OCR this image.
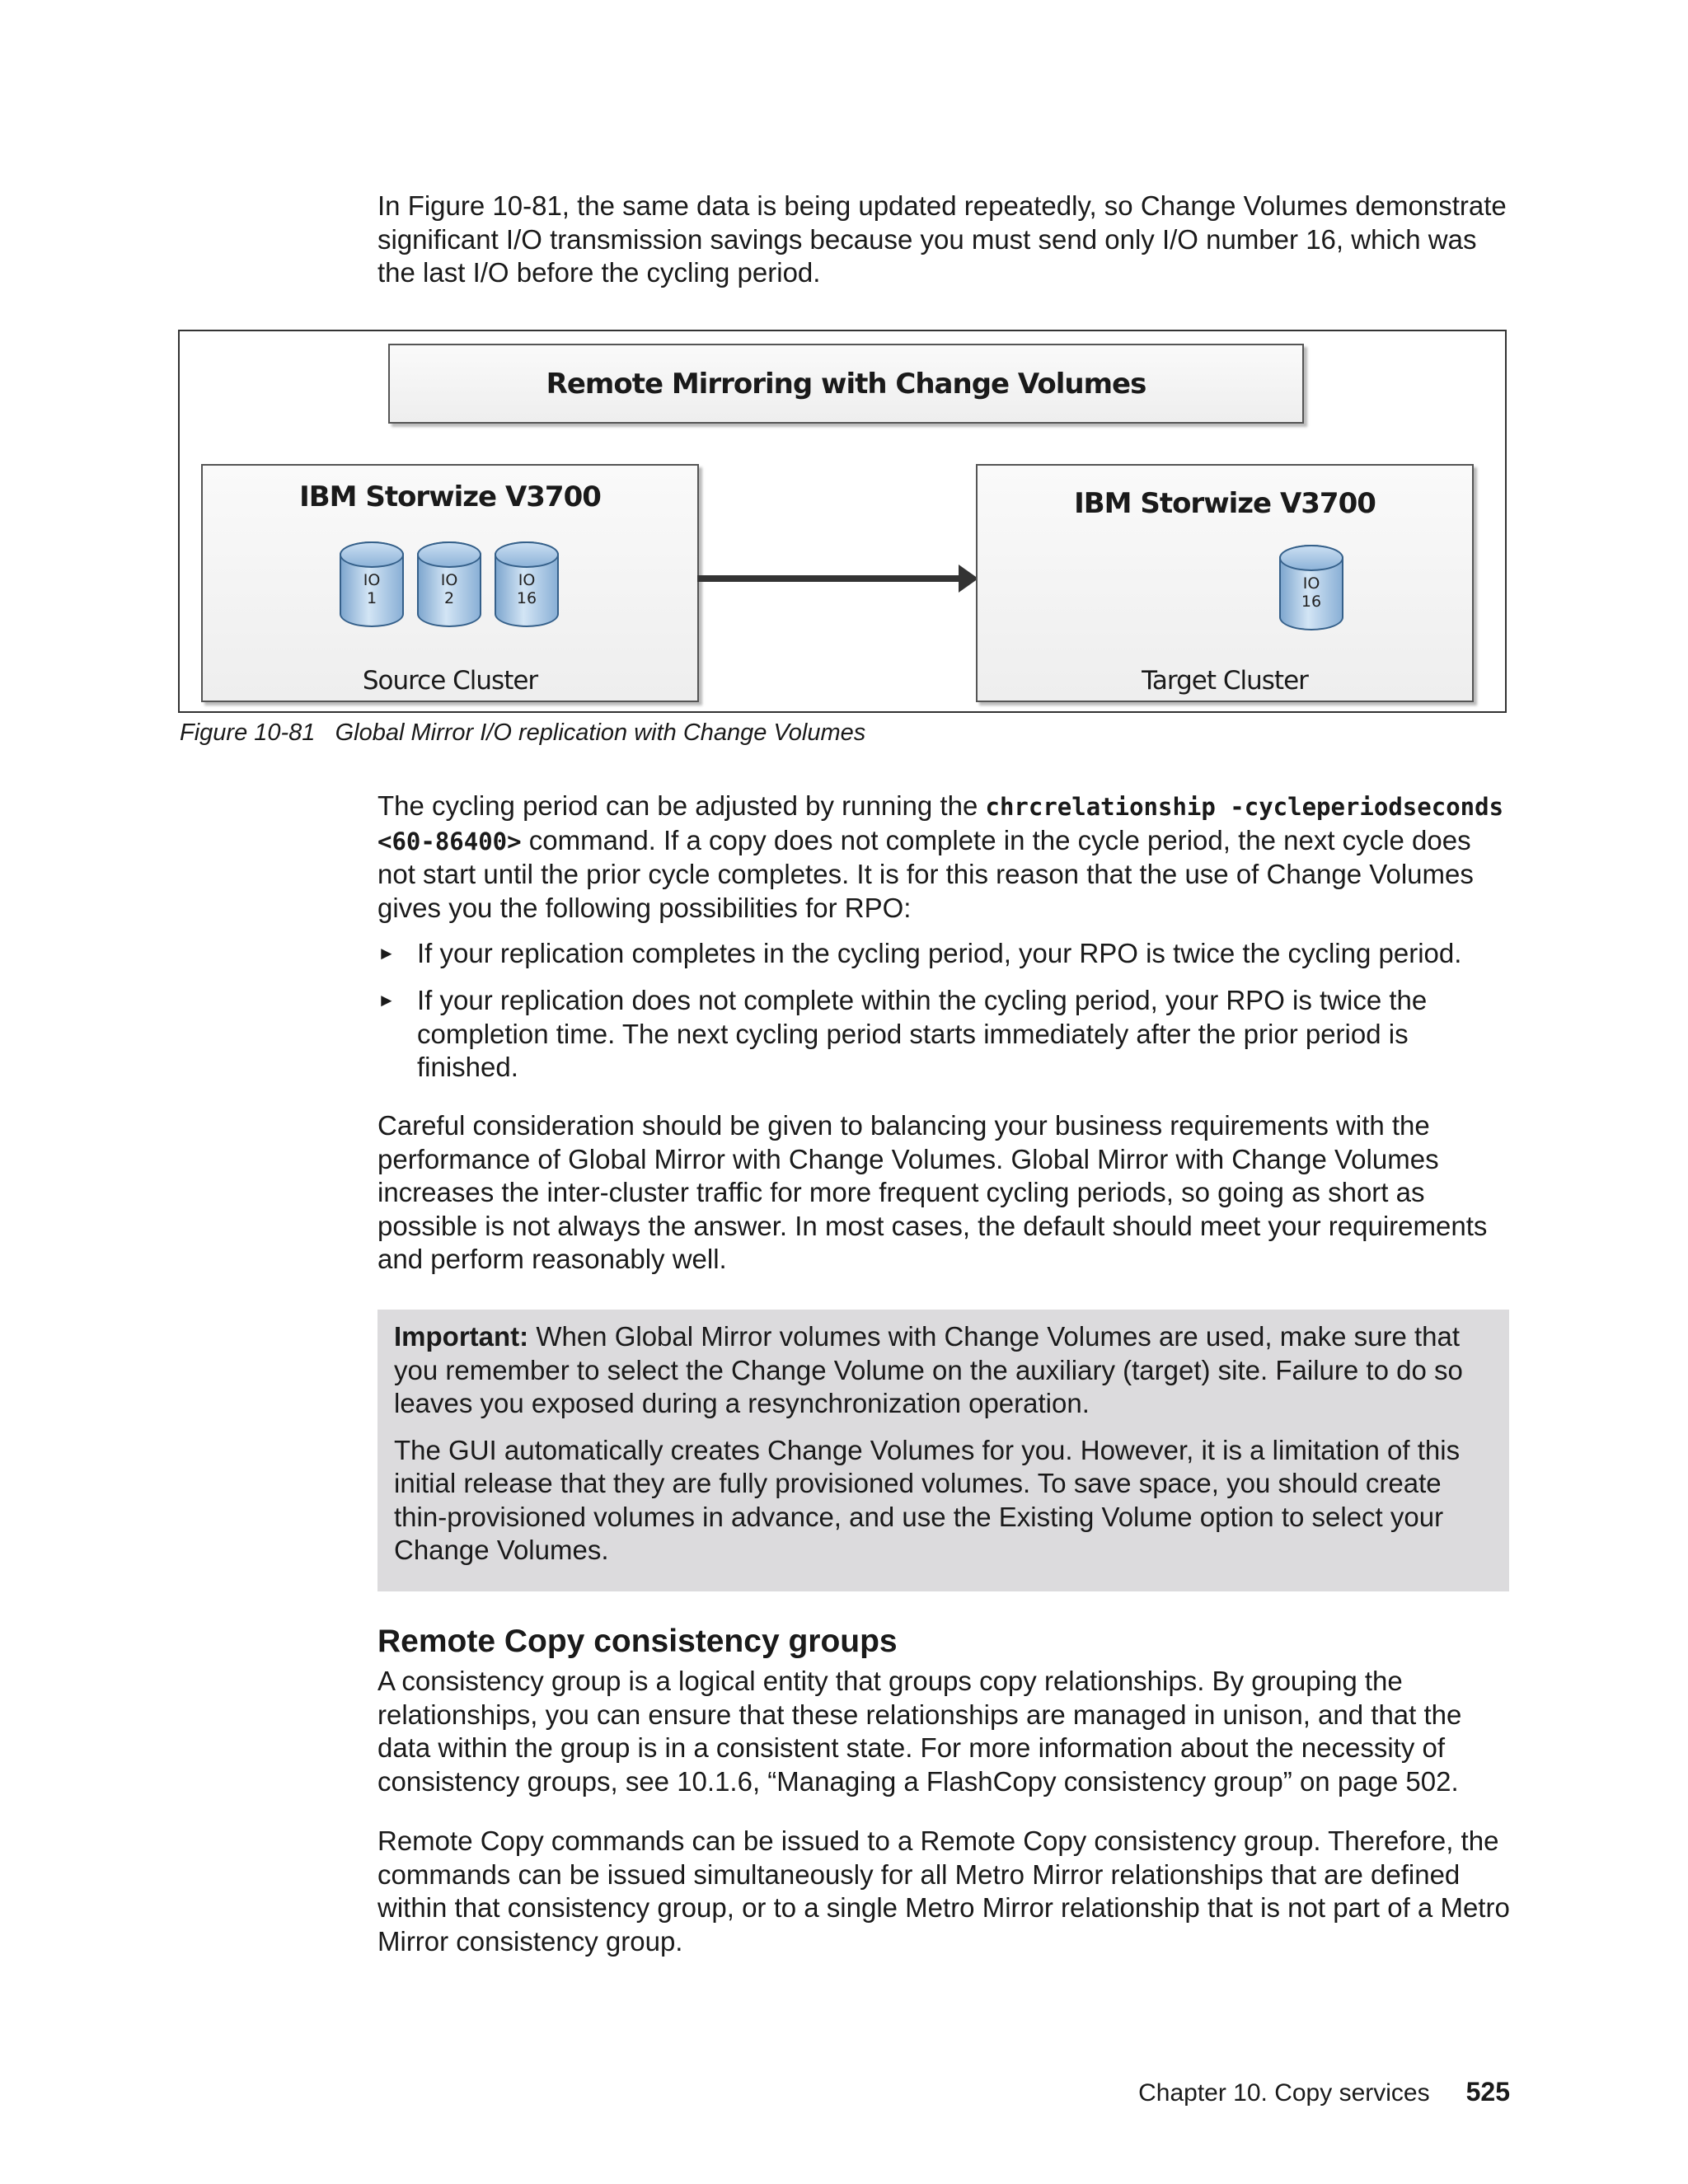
In Figure 10-81, the same data is being updated repeatedly, so Change Volumes demonstrate significant I/O transmission savings because you must send only I/O number 16, which was the last I/O before the cycling period.

Remote Mirroring with Change Volumes
IBM Storwize V3700
IO
1
IO
2
IO
16
Source Cluster
IBM Storwize V3700
IO
16
Target Cluster
Figure 10-81   Global Mirror I/O replication with Change Volumes

The cycling period can be adjusted by running the chrcrelationship -cycleperiodseconds <60-86400> command. If a copy does not complete in the cycle period, the next cycle does not start until the prior cycle completes. It is for this reason that the use of Change Volumes gives you the following possibilities for RPO:

► If your replication completes in the cycling period, your RPO is twice the cycling period.
► If your replication does not complete within the cycling period, your RPO is twice the completion time. The next cycling period starts immediately after the prior period is finished.

Careful consideration should be given to balancing your business requirements with the performance of Global Mirror with Change Volumes. Global Mirror with Change Volumes increases the inter-cluster traffic for more frequent cycling periods, so going as short as possible is not always the answer. In most cases, the default should meet your requirements and perform reasonably well.

Important: When Global Mirror volumes with Change Volumes are used, make sure that you remember to select the Change Volume on the auxiliary (target) site. Failure to do so leaves you exposed during a resynchronization operation.

The GUI automatically creates Change Volumes for you. However, it is a limitation of this initial release that they are fully provisioned volumes. To save space, you should create thin-provisioned volumes in advance, and use the Existing Volume option to select your Change Volumes.

Remote Copy consistency groups

A consistency group is a logical entity that groups copy relationships. By grouping the relationships, you can ensure that these relationships are managed in unison, and that the data within the group is in a consistent state. For more information about the necessity of consistency groups, see 10.1.6, “Managing a FlashCopy consistency group” on page 502.

Remote Copy commands can be issued to a Remote Copy consistency group. Therefore, the commands can be issued simultaneously for all Metro Mirror relationships that are defined within that consistency group, or to a single Metro Mirror relationship that is not part of a Metro Mirror consistency group.

Chapter 10. Copy services 525
